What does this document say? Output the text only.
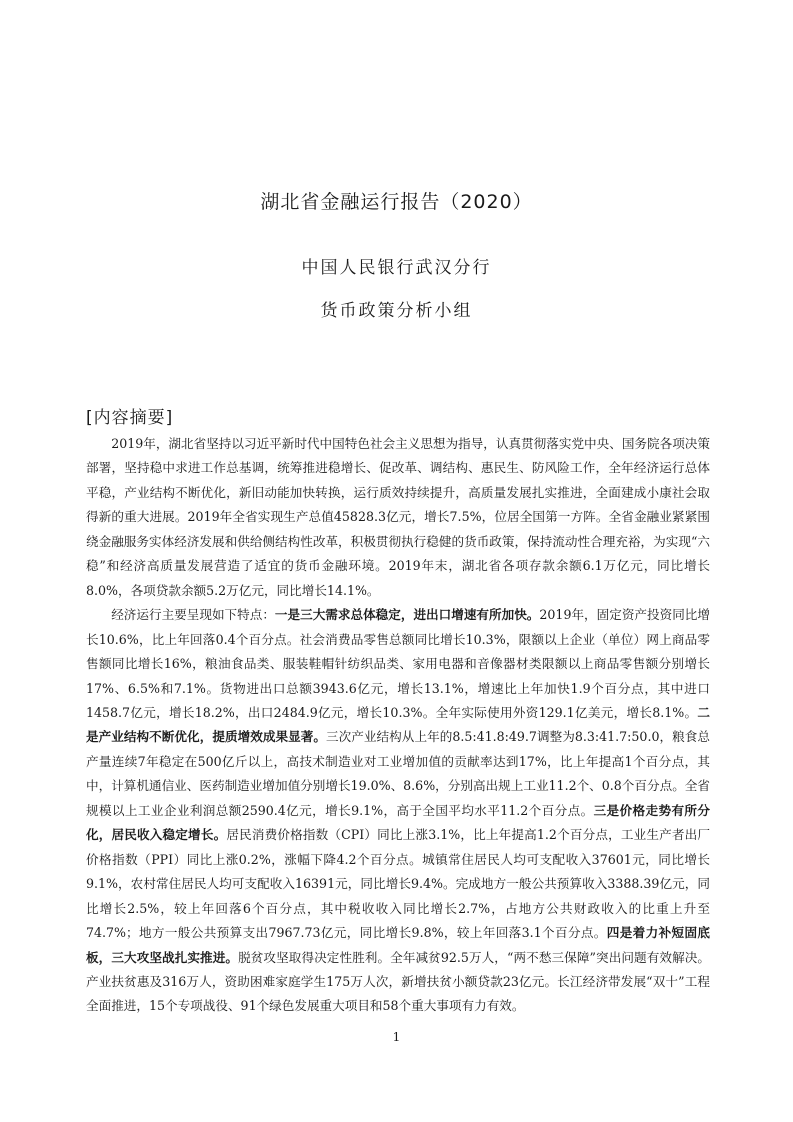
湖北省金融运行报告（2020）
中国人民银行武汉分行
货币政策分析小组
[内容摘要]

2019年，湖北省坚持以习近平新时代中国特色社会主义思想为指导，认真贯彻落实党中央、国务院各项决策部署，坚持稳中求进工作总基调，统筹推进稳增长、促改革、调结构、惠民生、防风险工作，全年经济运行总体平稳，产业结构不断优化，新旧动能加快转换，运行质效持续提升，高质量发展扎实推进，全面建成小康社会取得新的重大进展。2019年全省实现生产总值45828.3亿元，增长7.5%，位居全国第一方阵。全省金融业紧紧围绕金融服务实体经济发展和供给侧结构性改革，积极贯彻执行稳健的货币政策，保持流动性合理充裕，为实现“六稳”和经济高质量发展营造了适宜的货币金融环境。2019年末，湖北省各项存款余额6.1万亿元，同比增长8.0%，各项贷款余额5.2万亿元，同比增长14.1%。

经济运行主要呈现如下特点：一是三大需求总体稳定，进出口增速有所加快。2019年，固定资产投资同比增长10.6%，比上年回落0.4个百分点。社会消费品零售总额同比增长10.3%，限额以上企业（单位）网上商品零售额同比增长16%，粮油食品类、服装鞋帽针纺织品类、家用电器和音像器材类限额以上商品零售额分别增长17%、6.5%和7.1%。货物进出口总额3943.6亿元，增长13.1%，增速比上年加快1.9个百分点，其中进口1458.7亿元，增长18.2%，出口2484.9亿元，增长10.3%。全年实际使用外资129.1亿美元，增长8.1%。二是产业结构不断优化，提质增效成果显著。三次产业结构从上年的8.5:41.8:49.7调整为8.3:41.7:50.0，粮食总产量连续7年稳定在500亿斤以上，高技术制造业对工业增加值的贡献率达到17%，比上年提高1个百分点，其中，计算机通信业、医药制造业增加值分别增长19.0%、8.6%，分别高出规上工业11.2个、0.8个百分点。全省规模以上工业企业利润总额2590.4亿元，增长9.1%，高于全国平均水平11.2个百分点。三是价格走势有所分化，居民收入稳定增长。居民消费价格指数（CPI）同比上涨3.1%，比上年提高1.2个百分点，工业生产者出厂价格指数（PPI）同比上涨0.2%，涨幅下降4.2个百分点。城镇常住居民人均可支配收入37601元，同比增长9.1%，农村常住居民人均可支配收入16391元，同比增长9.4%。完成地方一般公共预算收入3388.39亿元，同比增长2.5%，较上年回落6个百分点，其中税收收入同比增长2.7%，占地方公共财政收入的比重上升至74.7%；地方一般公共预算支出7967.73亿元，同比增长9.8%，较上年回落3.1个百分点。四是着力补短固底板，三大攻坚战扎实推进。脱贫攻坚取得决定性胜利。全年减贫92.5万人，“两不愁三保障”突出问题有效解决。产业扶贫惠及316万人，资助困难家庭学生175万人次，新增扶贫小额贷款23亿元。长江经济带发展“双十”工程全面推进，15个专项战役、91个绿色发展重大项目和58个重大事项有力有效。

1
